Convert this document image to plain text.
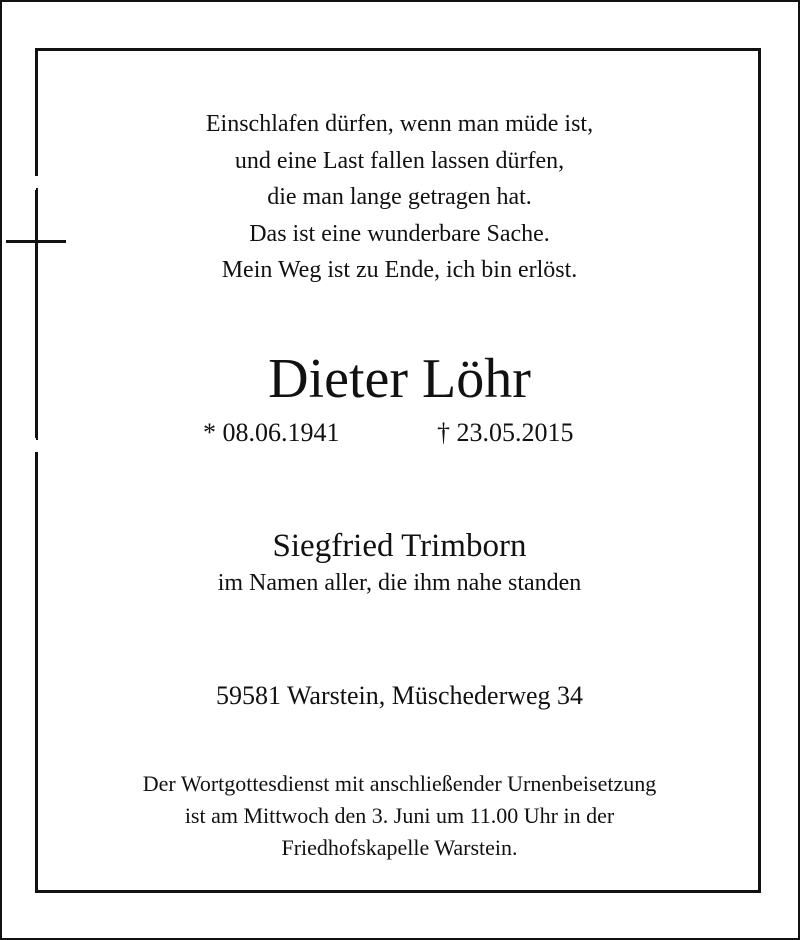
Einschlafen dürfen, wenn man müde ist,
und eine Last fallen lassen dürfen,
die man lange getragen hat.
Das ist eine wunderbare Sache.
Mein Weg ist zu Ende, ich bin erlöst.
Dieter Löhr
* 08.06.1941	† 23.05.2015
Siegfried Trimborn
im Namen aller, die ihm nahe standen
59581 Warstein, Müschederweg 34
Der Wortgottesdienst mit anschließender Urnenbeisetzung
ist am Mittwoch den 3. Juni um 11.00 Uhr in der
Friedhofskapelle Warstein.
